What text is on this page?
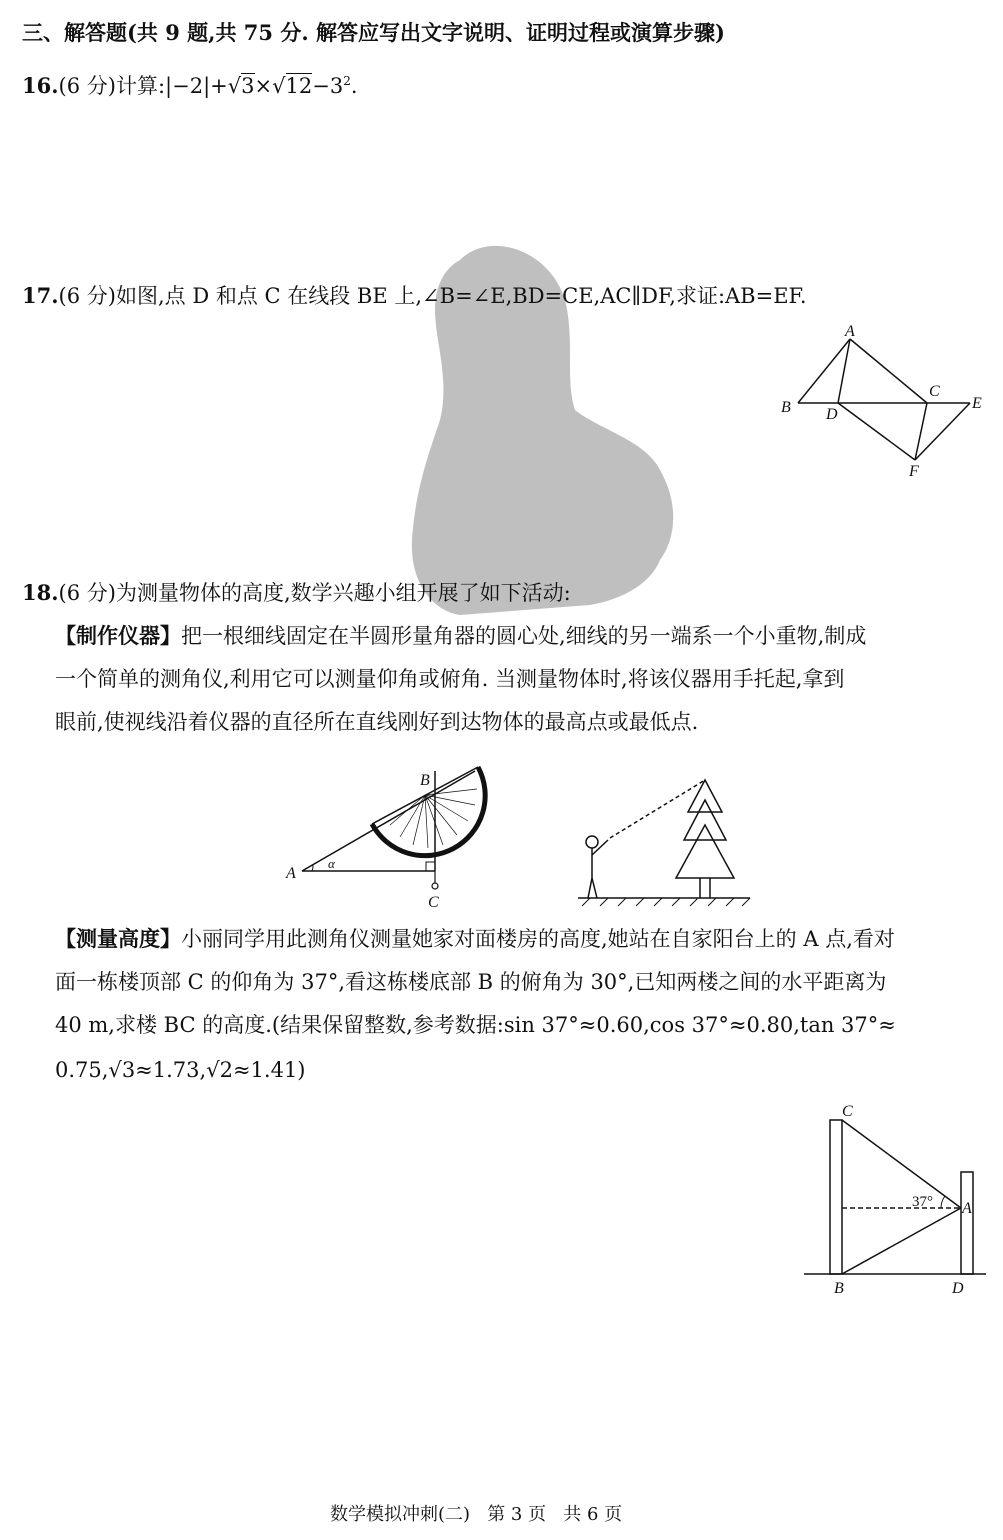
三、解答题(共 9 题,共 75 分. 解答应写出文字说明、证明过程或演算步骤)
16.(6 分)计算$:|-2|+√3\times√12-3^2$.
17.(6 分)如图,点 D 和点 C 在线段 BE 上,∠B=∠E,BD=CE,AC∥DF,求证:AB=EF.
A
B
C
D
E
F
18.(6 分)为测量物体的高度,数学兴趣小组开展了如下活动:
【制作仪器】把一根细线固定在半圆形量角器的圆心处,细线的另一端系一个小重物,制成
一个简单的测角仪,利用它可以测量仰角或俯角. 当测量物体时,将该仪器用手托起,拿到
眼前,使视线沿着仪器的直径所在直线刚好到达物体的最高点或最低点.
A
B
C
α
【测量高度】小丽同学用此测角仪测量她家对面楼房的高度,她站在自家阳台上的 A 点,看对
面一栋楼顶部 C 的仰角为 37°,看这栋楼底部 B 的俯角为 30°,已知两楼之间的水平距离为
40 m,求楼 BC 的高度.(结果保留整数,参考数据:sin 37°≈0.60,cos 37°≈0.80,tan 37°≈
0.75,√3≈1.73,√2≈1.41)
C
A
B	D
37°
数学模拟冲刺(二)   第 3 页   共 6 页
